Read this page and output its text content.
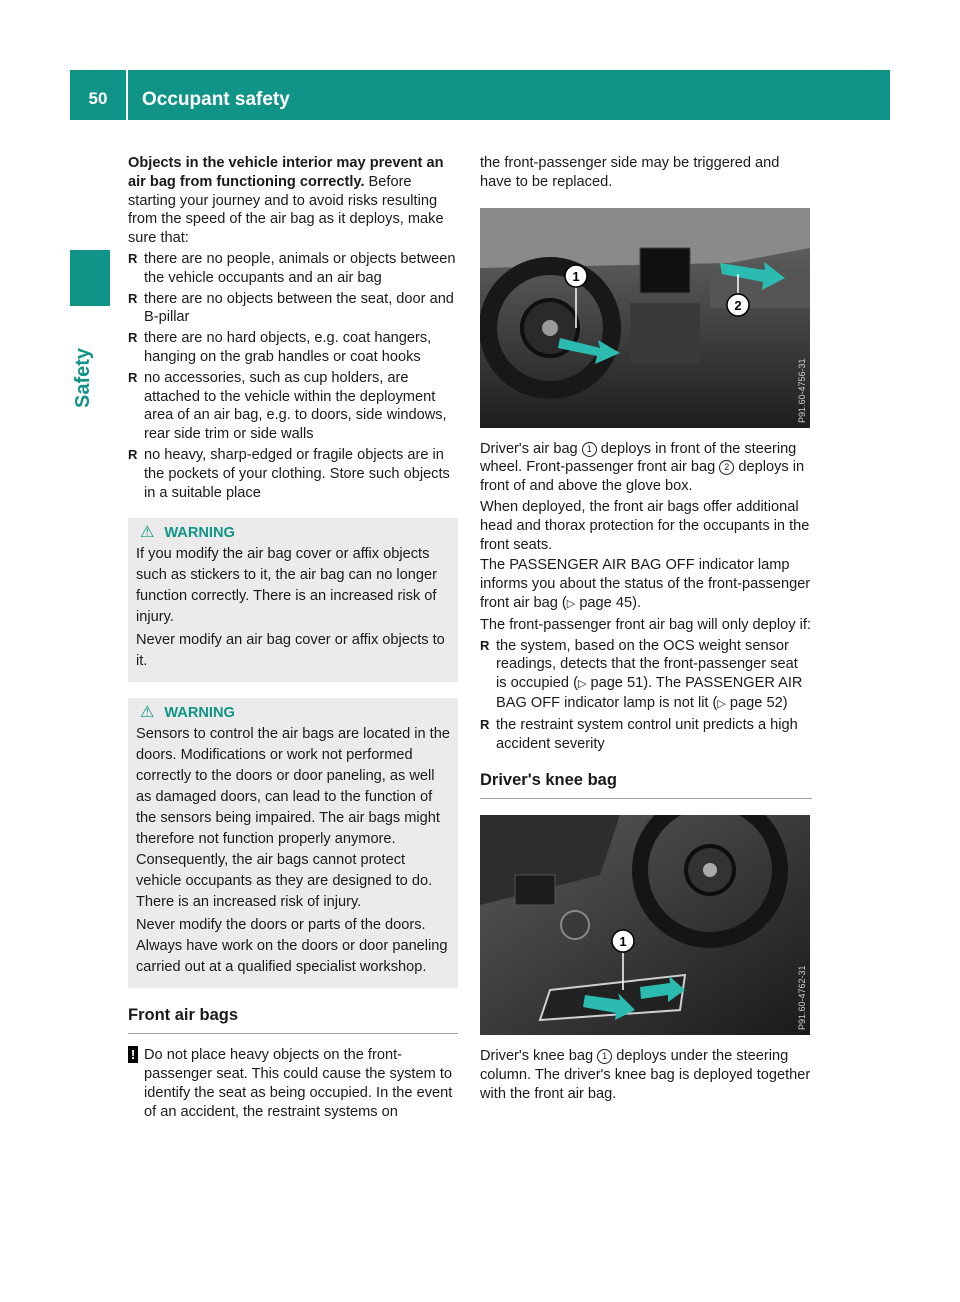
50	Occupant safety
Safety

Objects in the vehicle interior may prevent an air bag from functioning correctly. Before starting your journey and to avoid risks resulting from the speed of the air bag as it deploys, make sure that:

R there are no people, animals or objects between the vehicle occupants and an air bag
R there are no objects between the seat, door and B-pillar
R there are no hard objects, e.g. coat hangers, hanging on the grab handles or coat hooks
R no accessories, such as cup holders, are attached to the vehicle within the deployment area of an air bag, e.g. to doors, side windows, rear side trim or side walls
R no heavy, sharp-edged or fragile objects are in the pockets of your clothing. Store such objects in a suitable place
⚠ WARNING

If you modify the air bag cover or affix objects such as stickers to it, the air bag can no longer function correctly. There is an increased risk of injury.

Never modify an air bag cover or affix objects to it.

⚠ WARNING

Sensors to control the air bags are located in the doors. Modifications or work not performed correctly to the doors or door paneling, as well as damaged doors, can lead to the function of the sensors being impaired. The air bags might therefore not function properly anymore. Consequently, the air bags cannot protect vehicle occupants as they are designed to do. There is an increased risk of injury.

Never modify the doors or parts of the doors. Always have work on the doors or door paneling carried out at a qualified specialist workshop.

Front air bags
! Do not place heavy objects on the front-passenger seat. This could cause the system to identify the seat as being occupied. In the event of an accident, the restraint systems on

the front-passenger side may be triggered and have to be replaced.

1
2
P91.60-4756-31

Driver's air bag 1 deploys in front of the steering wheel. Front-passenger front air bag 2 deploys in front of and above the glove box.

When deployed, the front air bags offer additional head and thorax protection for the occupants in the front seats.

The PASSENGER AIR BAG OFF indicator lamp informs you about the status of the front-passenger front air bag (▷ page 45).

The front-passenger front air bag will only deploy if:

R the system, based on the OCS weight sensor readings, detects that the front-passenger seat is occupied (▷ page 51). The PASSENGER AIR BAG OFF indicator lamp is not lit (▷ page 52)
R the restraint system control unit predicts a high accident severity
Driver's knee bag
1
P91.60-4762-31

Driver's knee bag 1 deploys under the steering column. The driver's knee bag is deployed together with the front air bag.
